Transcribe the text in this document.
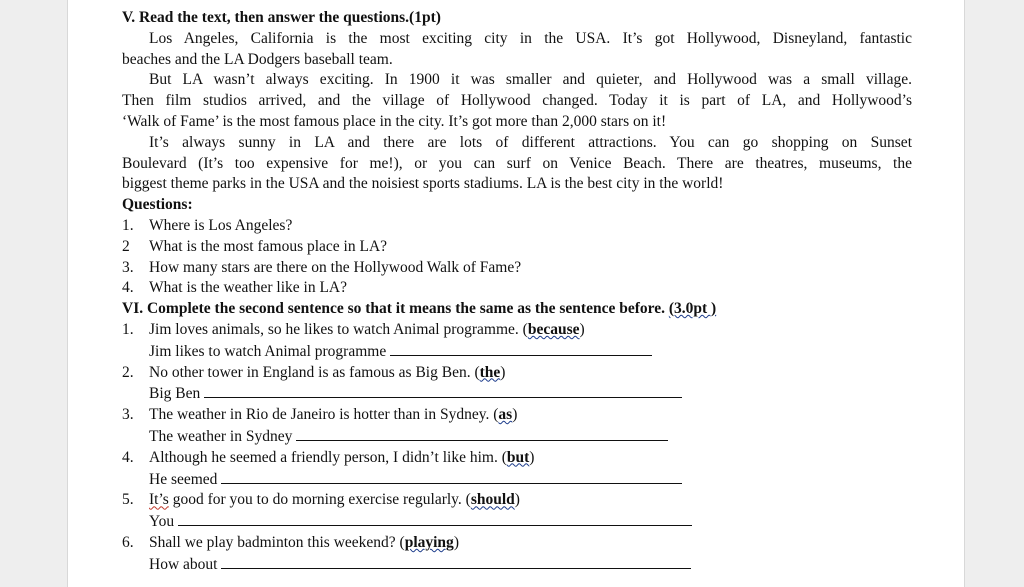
V. Read the text, then answer the questions.(1pt)
Los Angeles, California is the most exciting city in the USA. It’s got Hollywood, Disneyland, fantastic
beaches and the LA Dodgers baseball team.
But LA wasn’t always exciting. In 1900 it was smaller and quieter, and Hollywood was a small village.
Then film studios arrived, and the village of Hollywood changed. Today it is part of LA, and Hollywood’s
‘Walk of Fame’ is the most famous place in the city. It’s got more than 2,000 stars on it!
It’s always sunny in LA and there are lots of different attractions. You can go shopping on Sunset
Boulevard (It’s too expensive for me!), or you can surf on Venice Beach. There are theatres, museums, the
biggest theme parks in the USA and the noisiest sports stadiums. LA is the best city in the world!
Questions:
1. Where is Los Angeles?
2 What is the most famous place in LA?
3. How many stars are there on the Hollywood Walk of Fame?
4. What is the weather like in LA?
VI. Complete the second sentence so that it means the same as the sentence before. (3.0pt )
1. Jim loves animals, so he likes to watch Animal programme. (because)
Jim likes to watch Animal programme
2. No other tower in England is as famous as Big Ben. (the)
Big Ben
3. The weather in Rio de Janeiro is hotter than in Sydney. (as)
The weather in Sydney
4. Although he seemed a friendly person, I didn’t like him. (but)
He seemed
5. It’s good for you to do morning exercise regularly. (should)
You
6. Shall we play badminton this weekend? (playing)
How about
